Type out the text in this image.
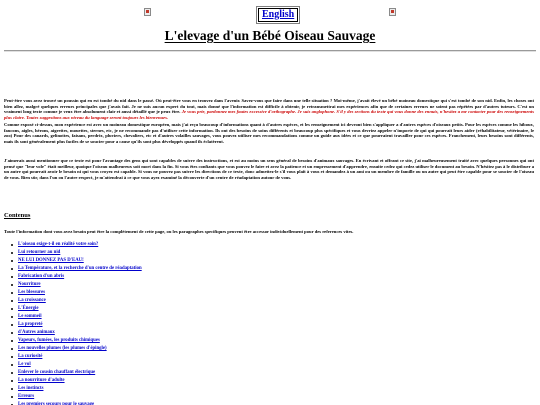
English
L'elevage d'un Bébé Oiseau Sauvage

Peut-être vous avez trouvé un poussin qui en est tombé du nid dans le passé. Où peut-être vous en trouvez dans l'avenir. Savez-vous que faire dans une telle situation ? Moi-même, j'avait élevé un bébé moineau domestique qui s'est tombé de son nid. Enfin, les choses ont bien allez, malgré quelques erreurs principales que j'avais fait. Je ne suis aucun expert du tout, mais donné que l'information est difficile à obtenir, je retransmettrai mes expériences afin que de certaines erreurs ne soient pas répétées par d'autres tuteurs. C'est un vraiment long texte comme je veux être absolument clair et aussi détaillé que je peux être. Je vous prie, pardonnez mes fautes excessive d'orthographe. Je suis anglophone. S'il y des sections du texte qui vous donne des ennuis, n'hesitez a me contacter pour des renseignements plus claire. Toutes suggestions aux niveau du language seront toujours les bienvenues.

Comme exposé ci-dessus, mon expérience est avec un moineau domestique européen, mais j'ai reçu beaucoup d'informations quant à d'autres espèces, et les renseignement ici devront bien s'appliquer a d'autres espèces d'oiseaux petits. Pour les espèces comme les hiboux, faucons, aigles, hérons, aigrettes, mouettes, sternes, etc, je ne recommande pas d'utiliser cette information. Ils ont des besoins de soins différents et beaucoup plus spécifiques et vous devriez appeler n'importe de qui qui pourrait leurs aider (réhabilitateur, vétérinaire, le zoo) Pour des canards, gelinottes, faisans, perdrix, pluviers, chevaliers, etc et d'autres volailles sauvages, vous pouvez utiliser mes recommandations comme un guide aux idées et ce que pourraient travailler pour ces espèces. Franchement, leurs besoins sont différents, mais ils sont généralement plus faciles de se soucier pour a cause qu'ils sont plus développés quand ils éclatèrent.

J'aimerais aussi mentionner que ce texte est pour l'avantage des gens qui sont capables de suivre des instructions, et est au moins un sens général de besoins d'animaux sauvages. En écrivant et offrant ce site, j'ai malheureusement traité avec quelques personnes qui ont pensé que "leur vole" était meilleur, quoique l'oiseau malheureux soit mort dans la fin. Si vous êtes confiants que vous pouvez le faire et avez la patience et un empressement d'apprendre, ensuite cedez qui cedez utiliser le document au besoin. N'hésitez pas à le distribuer a un autre qui pourrait avoir le besoin ni qui vous croyez est capable. Si vous ne pouvez pas suivre les directions de ce texte, donc admettez-le s'il vous plaît à vous et demandez à un ami ou un membre de famille ou un autre qui peut être capable pour se soucier de l'oiseau de vous. Bien sûr, dans l'un ou l'autre respect, je m'attendrai à ce que vous ayez examiné la découverte d'un centre de réadaptation autour de vous.

Contenus

Toute l'information dont vous avez besoin peut être la complètement de cette page, ou les paragraphes specifiques peuvent être accessor individuellement pour des references vites.

L'oiseau exige-t-il en réalité votre soin?
Lui retourner au nid
NE LUI DONNEZ PAS D'EAU!
La Température, et la recherche d'un centre de réadaptation
Fabrication d'un abris
Nourriture
Les blessures
La croissance
L'Énergie
Le sommeil
La propreté
d'Autres animaux
Vapeurs, fumées, les produits chimiques
Les nouvelles plumes (les plumes d'épingle)
La curiosité
Le vol
Enlever le cousin chauffant électrique
La nourriture d'adulte
Les instincts
Erreurs
Les premiers secours pour le sauvage
